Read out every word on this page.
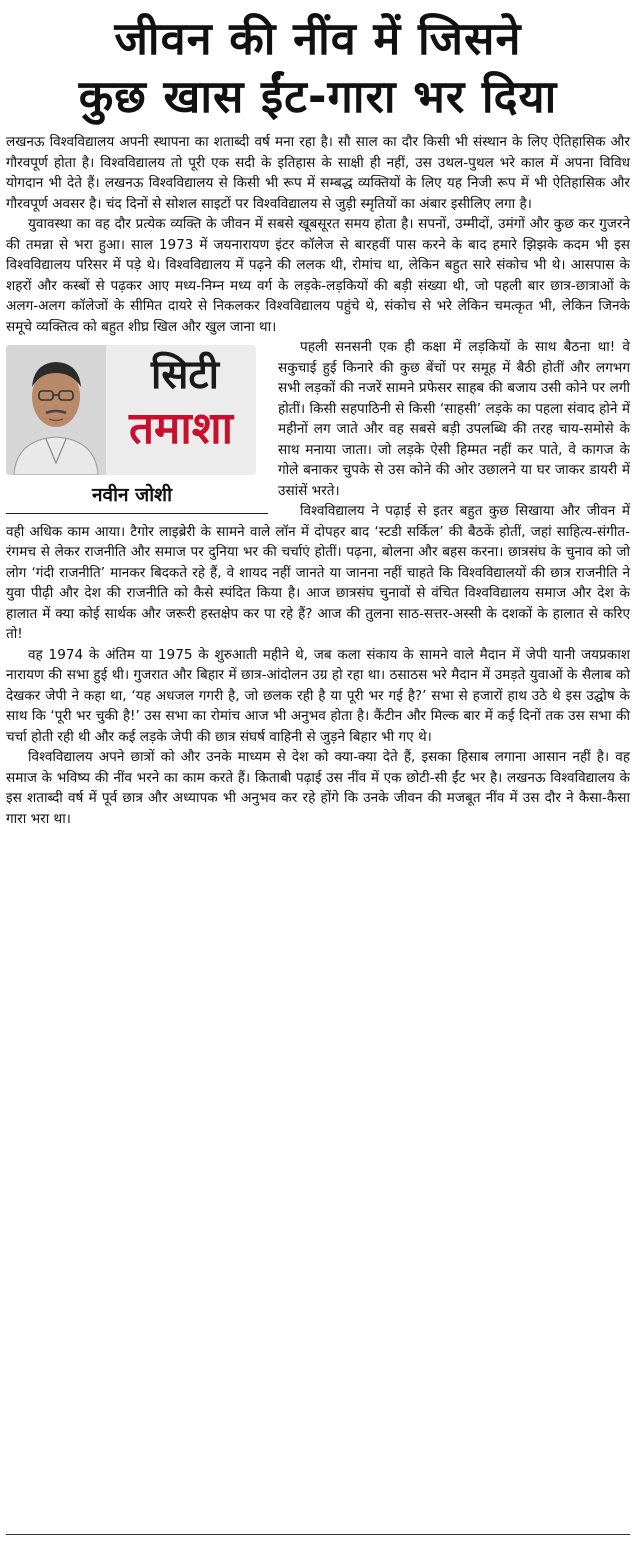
जीवन की नींव में जिसने
कुछ खास ईंट-गारा भर दिया

लखनऊ विश्वविद्यालय अपनी स्थापना का शताब्दी वर्ष मना रहा है। सौ साल का दौर किसी भी संस्थान के लिए ऐतिहासिक और गौरवपूर्ण होता है। विश्वविद्यालय तो पूरी एक सदी के इतिहास के साक्षी ही नहीं, उस उथल-पुथल भरे काल में अपना विविध योगदान भी देते हैं। लखनऊ विश्वविद्यालय से किसी भी रूप में सम्बद्ध व्यक्तियों के लिए यह निजी रूप में भी ऐतिहासिक और गौरवपूर्ण अवसर है। चंद दिनों से सोशल साइटों पर विश्वविद्यालय से जुड़ी स्मृतियों का अंबार इसीलिए लगा है।

युवावस्था का वह दौर प्रत्येक व्यक्ति के जीवन में सबसे खूबसूरत समय होता है। सपनों, उम्मीदों, उमंगों और कुछ कर गुजरने की तमन्ना से भरा हुआ। साल 1973 में जयनारायण इंटर कॉलेज से बारहवीं पास करने के बाद हमारे झिझके कदम भी इस विश्वविद्यालय परिसर में पड़े थे। विश्वविद्यालय में पढ़ने की ललक थी, रोमांच था, लेकिन बहुत सारे संकोच भी थे। आसपास के शहरों और कस्बों से पढ़कर आए मध्य-निम्न मध्य वर्ग के लड़के-लड़कियों की बड़ी संख्या थी, जो पहली बार छात्र-छात्राओं के अलग-अलग कॉलेजों के सीमित दायरे से निकलकर विश्वविद्यालय पहुंचे थे, संकोच से भरे लेकिन चमत्कृत भी, लेकिन जिनके समूचे व्यक्तित्व को बहुत शीघ्र खिल और खुल जाना था।

सिटी
तमाशा
नवीन जोशी

पहली सनसनी एक ही कक्षा में लड़कियों के साथ बैठना था! वे सकुचाई हुई किनारे की कुछ बेंचों पर समूह में बैठी होतीं और लगभग सभी लड़कों की नजरें सामने प्रफेसर साहब की बजाय उसी कोने पर लगी होतीं। किसी सहपाठिनी से किसी ‘साहसी’ लड़के का पहला संवाद होने में महीनों लग जाते और वह सबसे बड़ी उपलब्धि की तरह चाय-समोसे के साथ मनाया जाता। जो लड़के ऐसी हिम्मत नहीं कर पाते, वे कागज के गोले बनाकर चुपके से उस कोने की ओर उछालने या घर जाकर डायरी में उसांसें भरते।

विश्वविद्यालय ने पढ़ाई से इतर बहुत कुछ सिखाया और जीवन में वही अधिक काम आया। टैगोर लाइब्रेरी के सामने वाले लॉन में दोपहर बाद ‘स्टडी सर्किल’ की बैठकें होतीं, जहां साहित्य-संगीत-रंगमच से लेकर राजनीति और समाज पर दुनिया भर की चर्चाएं होतीं। पढ़ना, बोलना और बहस करना। छात्रसंघ के चुनाव को जो लोग ‘गंदी राजनीति’ मानकर बिदकते रहे हैं, वे शायद नहीं जानते या जानना नहीं चाहते कि विश्वविद्यालयों की छात्र राजनीति ने युवा पीढ़ी और देश की राजनीति को कैसे स्पंदित किया है। आज छात्रसंघ चुनावों से वंचित विश्वविद्यालय समाज और देश के हालात में क्या कोई सार्थक और जरूरी हस्तक्षेप कर पा रहे हैं? आज की तुलना साठ-सत्तर-अस्सी के दशकों के हालात से करिए तो!

वह 1974 के अंतिम या 1975 के शुरुआती महीने थे, जब कला संकाय के सामने वाले मैदान में जेपी यानी जयप्रकाश नारायण की सभा हुई थी। गुजरात और बिहार में छात्र-आंदोलन उग्र हो रहा था। ठसाठस भरे मैदान में उमड़ते युवाओं के सैलाब को देखकर जेपी ने कहा था, ‘यह अधजल गगरी है, जो छलक रही है या पूरी भर गई है?’ सभा से हजारों हाथ उठे थे इस उद्घोष के साथ कि ‘पूरी भर चुकी है!’ उस सभा का रोमांच आज भी अनुभव होता है। कैंटीन और मिल्क बार में कई दिनों तक उस सभा की चर्चा होती रही थी और कई लड़के जेपी की छात्र संघर्ष वाहिनी से जुड़ने बिहार भी गए थे।

विश्वविद्यालय अपने छात्रों को और उनके माध्यम से देश को क्या-क्या देते हैं, इसका हिसाब लगाना आसान नहीं है। वह समाज के भविष्य की नींव भरने का काम करते हैं। किताबी पढ़ाई उस नींव में एक छोटी-सी ईंट भर है। लखनऊ विश्वविद्यालय के इस शताब्दी वर्ष में पूर्व छात्र और अध्यापक भी अनुभव कर रहे होंगे कि उनके जीवन की मजबूत नींव में उस दौर ने कैसा-कैसा गारा भरा था।
